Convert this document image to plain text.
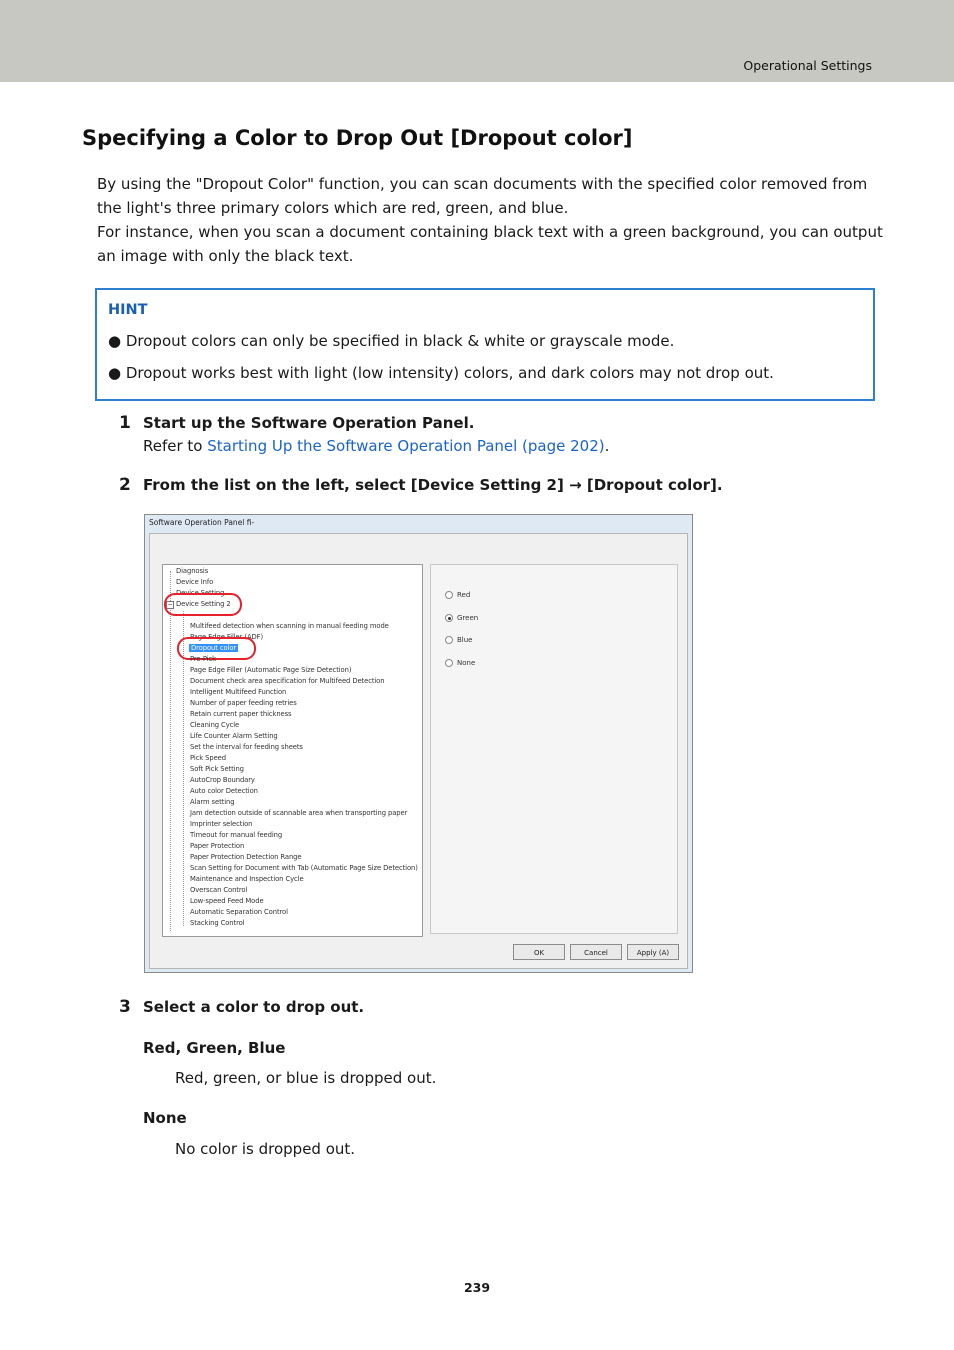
Operational Settings
Specifying a Color to Drop Out [Dropout color]

By using the "Dropout Color" function, you can scan documents with the specified color removed from the light's three primary colors which are red, green, and blue.

For instance, when you scan a document containing black text with a green background, you can output an image with only the black text.

HINT
● Dropout colors can only be specified in black & white or grayscale mode.
● Dropout works best with light (low intensity) colors, and dark colors may not drop out.
1 Start up the Software Operation Panel.
Refer to Starting Up the Software Operation Panel (page 202).
2 From the list on the left, select [Device Setting 2] → [Dropout color].
Software Operation Panel fi-
−
Diagnosis
Device Info
Device Setting
Device Setting 2
Multifeed detection when scanning in manual feeding mode
Page Edge Filler (ADF)
Dropout color
Pre-Pick
Page Edge Filler (Automatic Page Size Detection)
Document check area specification for Multifeed Detection
Intelligent Multifeed Function
Number of paper feeding retries
Retain current paper thickness
Cleaning Cycle
Life Counter Alarm Setting
Set the interval for feeding sheets
Pick Speed
Soft Pick Setting
AutoCrop Boundary
Auto color Detection
Alarm setting
Jam detection outside of scannable area when transporting paper
Imprinter selection
Timeout for manual feeding
Paper Protection
Paper Protection Detection Range
Scan Setting for Document with Tab (Automatic Page Size Detection)
Maintenance and Inspection Cycle
Overscan Control
Low-speed Feed Mode
Automatic Separation Control
Stacking Control
Red
Green
Blue
None
OK	Cancel	Apply (A)
3 Select a color to drop out.
Red, Green, Blue
Red, green, or blue is dropped out.
None
No color is dropped out.
239
